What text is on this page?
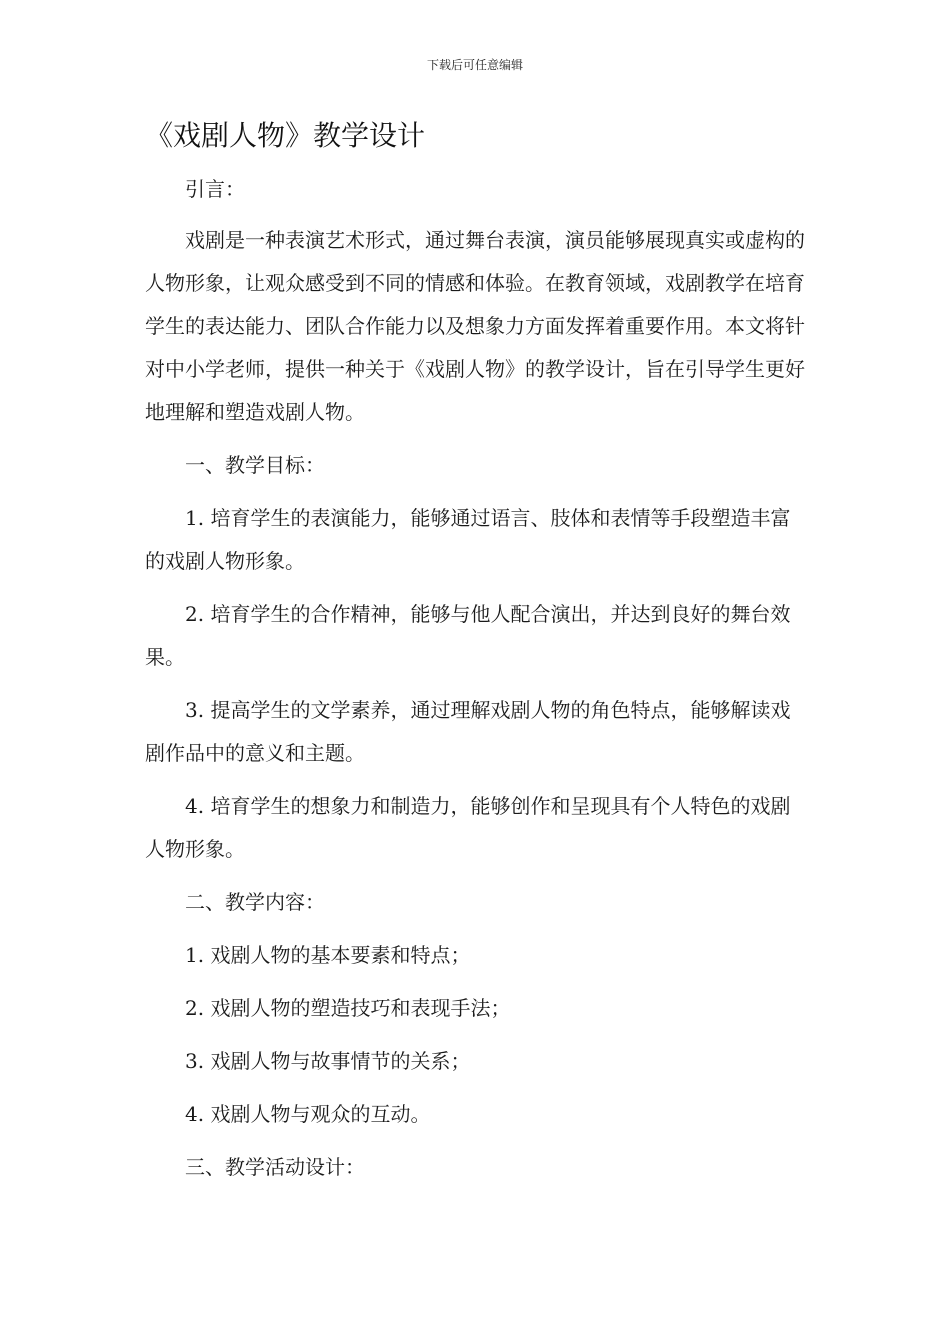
下载后可任意编辑
《戏剧人物》教学设计

引言：

戏剧是一种表演艺术形式，通过舞台表演，演员能够展现真实或虚构的人物形象，让观众感受到不同的情感和体验。在教育领域，戏剧教学在培育学生的表达能力、团队合作能力以及想象力方面发挥着重要作用。本文将针对中小学老师，提供一种关于《戏剧人物》的教学设计，旨在引导学生更好地理解和塑造戏剧人物。

一、教学目标：

1. 培育学生的表演能力，能够通过语言、肢体和表情等手段塑造丰富的戏剧人物形象。

2. 培育学生的合作精神，能够与他人配合演出，并达到良好的舞台效果。

3. 提高学生的文学素养，通过理解戏剧人物的角色特点，能够解读戏剧作品中的意义和主题。

4. 培育学生的想象力和制造力，能够创作和呈现具有个人特色的戏剧人物形象。

二、教学内容：

1. 戏剧人物的基本要素和特点；

2. 戏剧人物的塑造技巧和表现手法；

3. 戏剧人物与故事情节的关系；

4. 戏剧人物与观众的互动。

三、教学活动设计：
